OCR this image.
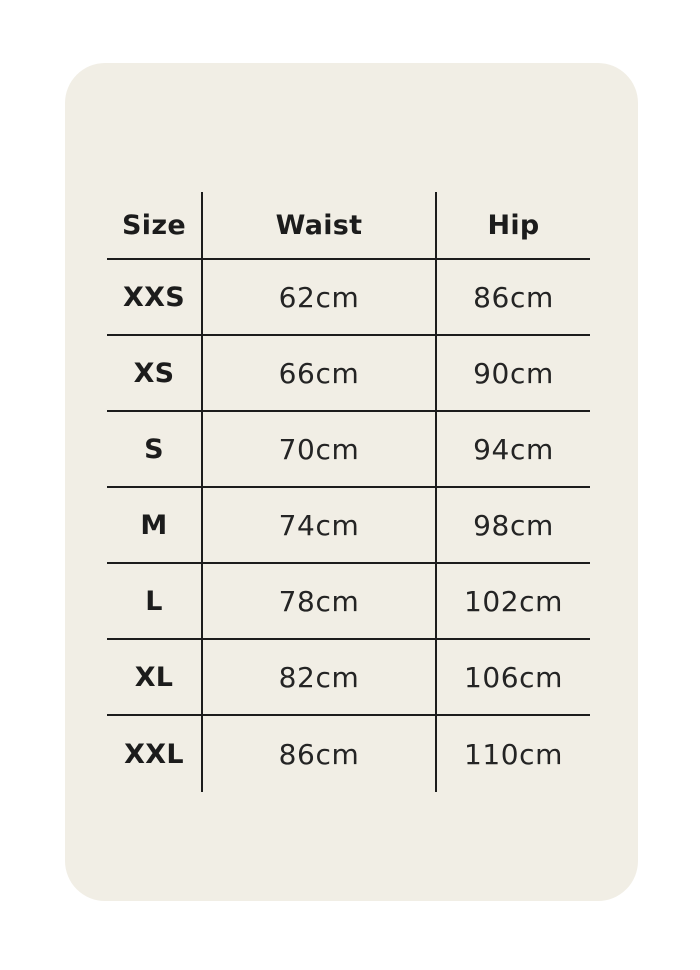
Size	Waist	Hip
XXS	62cm	86cm
XS	66cm	90cm
S	70cm	94cm
M	74cm	98cm
L	78cm	102cm
XL	82cm	106cm
XXL	86cm	110cm
